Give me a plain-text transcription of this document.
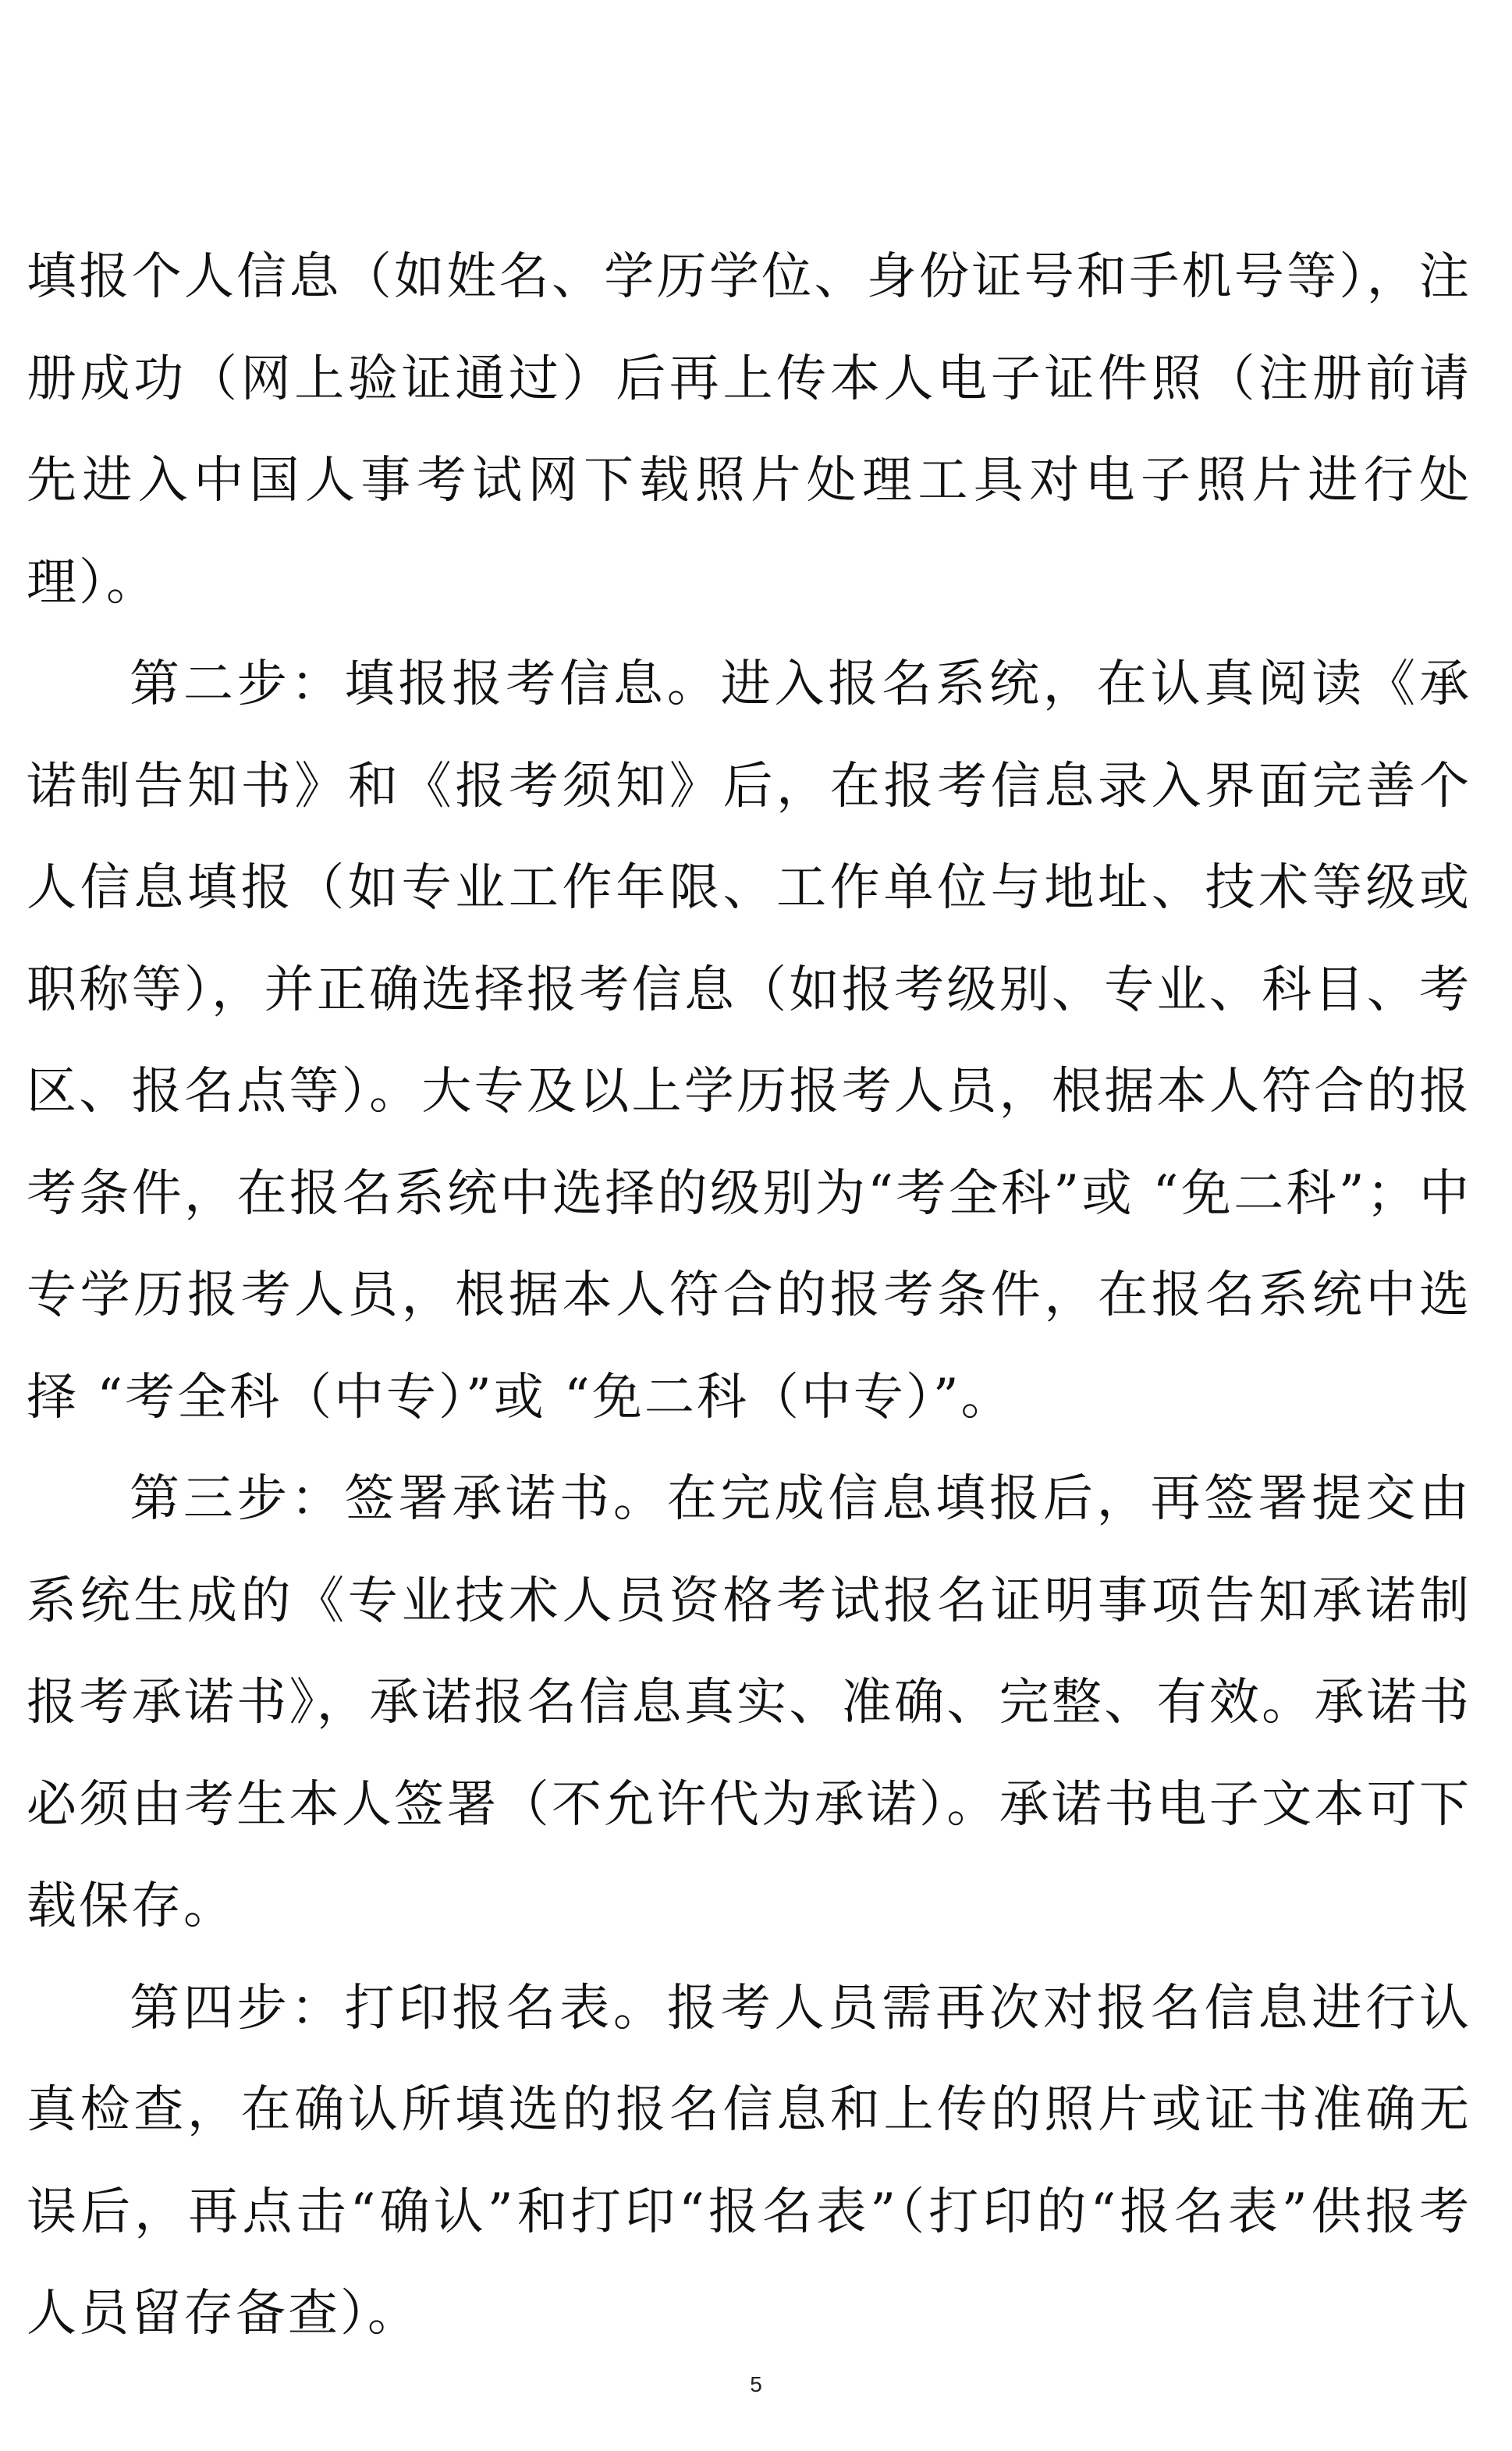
填报个人信息（如姓名、学历学位、身份证号和手机号等），注册成功（网上验证通过）后再上传本人电子证件照（注册前请先进入中国人事考试网下载照片处理工具对电子照片进行处理）。

第二步：填报报考信息。进入报名系统，在认真阅读《承诺制告知书》和《报考须知》后，在报考信息录入界面完善个人信息填报（如专业工作年限、工作单位与地址、技术等级或职称等），并正确选择报考信息（如报考级别、专业、科目、考区、报名点等）。大专及以上学历报考人员，根据本人符合的报考条件，在报名系统中选择的级别为“考全科”或 “免二科”；中专学历报考人员，根据本人符合的报考条件，在报名系统中选择 “考全科（中专）”或 “免二科（中专）”。

第三步：签署承诺书。在完成信息填报后，再签署提交由系统生成的《专业技术人员资格考试报名证明事项告知承诺制报考承诺书》，承诺报名信息真实、准确、完整、有效。承诺书必须由考生本人签署（不允许代为承诺）。承诺书电子文本可下载保存。

第四步：打印报名表。报考人员需再次对报名信息进行认真检查，在确认所填选的报名信息和上传的照片或证书准确无误后，再点击“确认”和打印“报名表”（打印的“报名表”供报考人员留存备查）。

5
